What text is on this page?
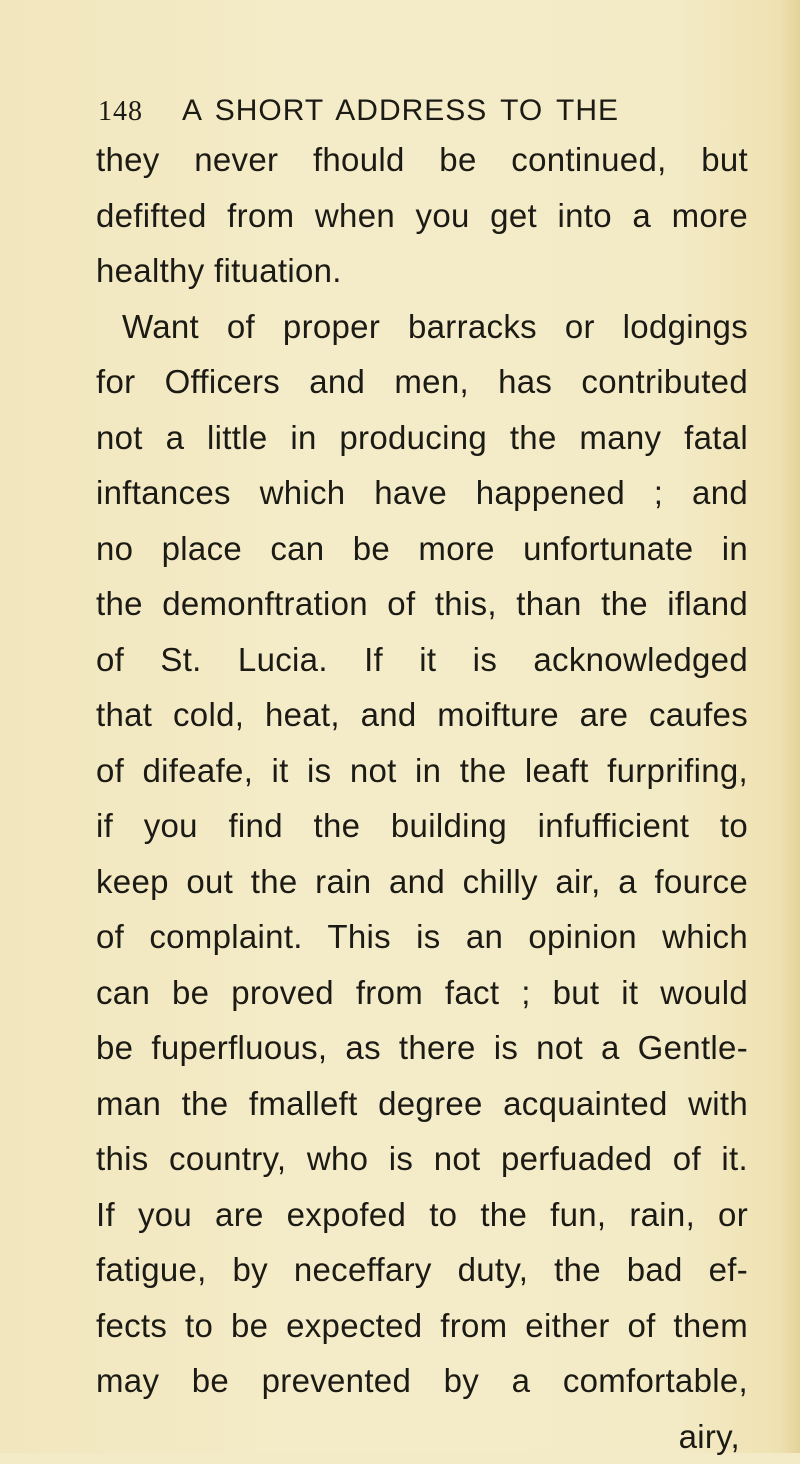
148 A SHORT ADDRESS TO THE
they never fhould be continued, but
defifted from when you get into a more
healthy fituation.
Want of proper barracks or lodgings
for Officers and men, has contributed
not a little in producing the many fatal
inftances which have happened ; and
no place can be more unfortunate in
the demonftration of this, than the ifland
of St. Lucia. If it is acknowledged
that cold, heat, and moifture are caufes
of difeafe, it is not in the leaft furprifing,
if you find the building infufficient to
keep out the rain and chilly air, a fource
of complaint. This is an opinion which
can be proved from fact ; but it would
be fuperfluous, as there is not a Gentle-
man the fmalleft degree acquainted with
this country, who is not perfuaded of it.
If you are expofed to the fun, rain, or
fatigue, by neceffary duty, the bad ef-
fects to be expected from either of them
may be prevented by a comfortable,
airy,
